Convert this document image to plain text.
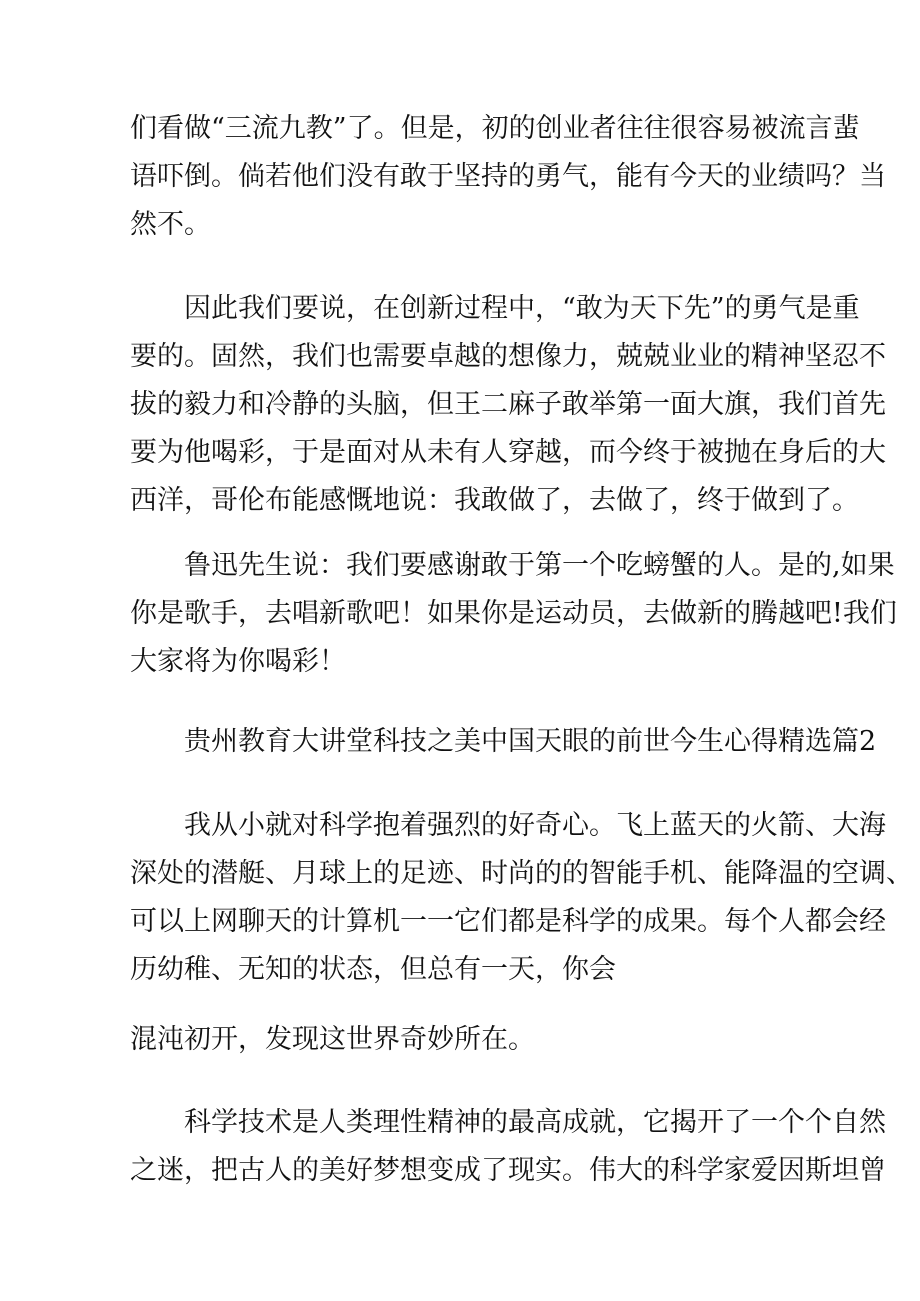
们看做“三流九教”了。但是，初的创业者往往很容易被流言蜚
语吓倒。倘若他们没有敢于坚持的勇气，能有今天的业绩吗？当
然不。
因此我们要说，在创新过程中，“敢为天下先”的勇气是重
要的。固然，我们也需要卓越的想像力，兢兢业业的精神坚忍不
拔的毅力和冷静的头脑，但王二麻子敢举第一面大旗，我们首先
要为他喝彩，于是面对从未有人穿越，而今终于被抛在身后的大
西洋，哥伦布能感慨地说：我敢做了，去做了，终于做到了。
鲁迅先生说：我们要感谢敢于第一个吃螃蟹的人。是的,如果
你是歌手，去唱新歌吧！如果你是运动员，去做新的腾越吧!我们
大家将为你喝彩！
贵州教育大讲堂科技之美中国天眼的前世今生心得精选篇2
我从小就对科学抱着强烈的好奇心。飞上蓝天的火箭、大海
深处的潜艇、月球上的足迹、时尚的的智能手机、能降温的空调、
可以上网聊天的计算机一一它们都是科学的成果。每个人都会经
历幼稚、无知的状态，但总有一天，你会
混沌初开，发现这世界奇妙所在。
科学技术是人类理性精神的最高成就，它揭开了一个个自然
之迷，把古人的美好梦想变成了现实。伟大的科学家爱因斯坦曾
